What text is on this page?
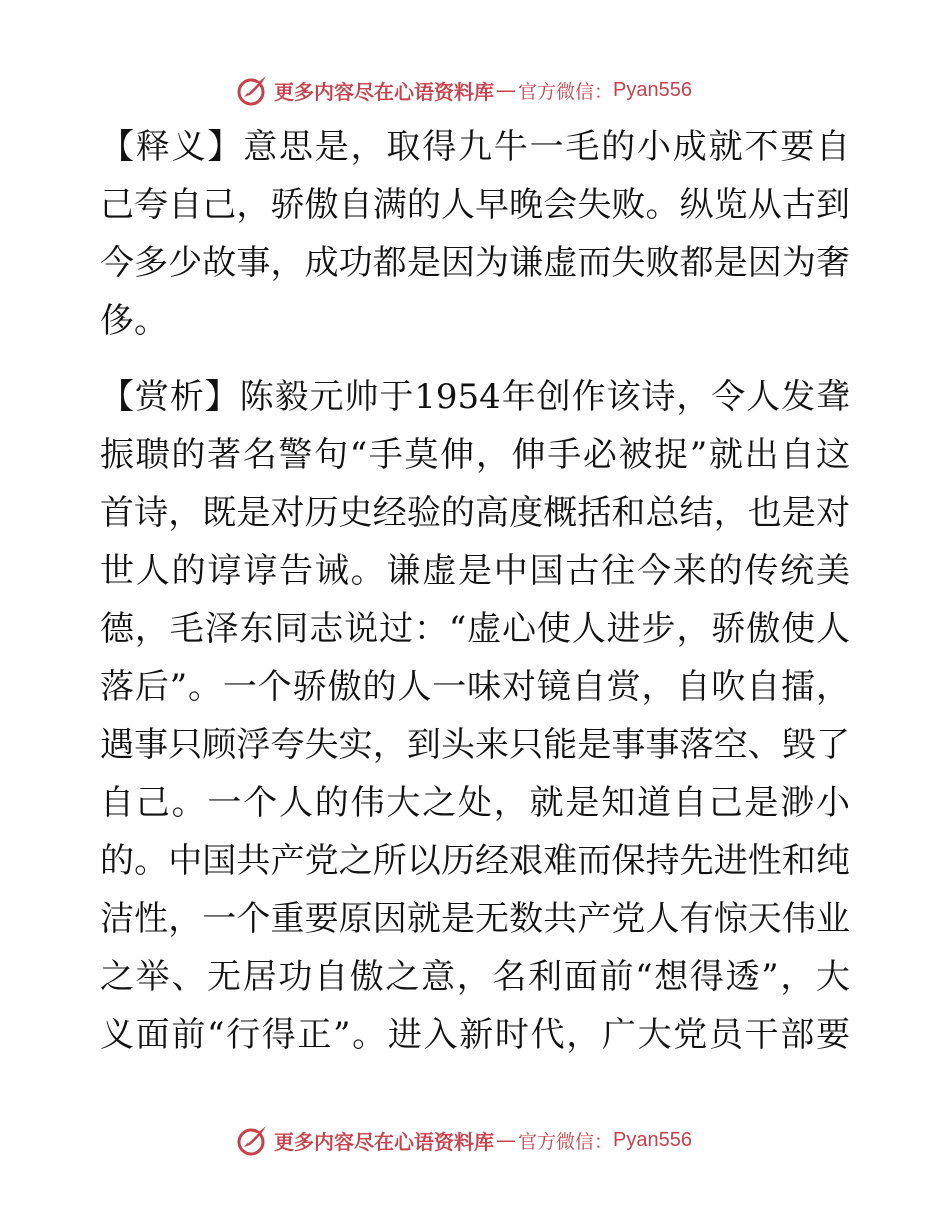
更多内容尽在心语资料库 — 官方微信： Pyan556
【释义】意思是，取得九牛一毛的小成就不要自
己夸自己，骄傲自满的人早晚会失败。纵览从古到
今多少故事，成功都是因为谦虚而失败都是因为奢
侈。
【赏析】陈毅元帅于1954年创作该诗，令人发聋
振聩的著名警句“手莫伸，伸手必被捉”就出自这
首诗，既是对历史经验的高度概括和总结，也是对
世人的谆谆告诫。谦虚是中国古往今来的传统美
德，毛泽东同志说过：“虚心使人进步，骄傲使人
落后”。一个骄傲的人一味对镜自赏，自吹自擂，
遇事只顾浮夸失实，到头来只能是事事落空、毁了
自己。一个人的伟大之处，就是知道自己是渺小
的。中国共产党之所以历经艰难而保持先进性和纯
洁性，一个重要原因就是无数共产党人有惊天伟业
之举、无居功自傲之意，名利面前“想得透”，大
义面前“行得正”。进入新时代，广大党员干部要
更多内容尽在心语资料库 — 官方微信： Pyan556
